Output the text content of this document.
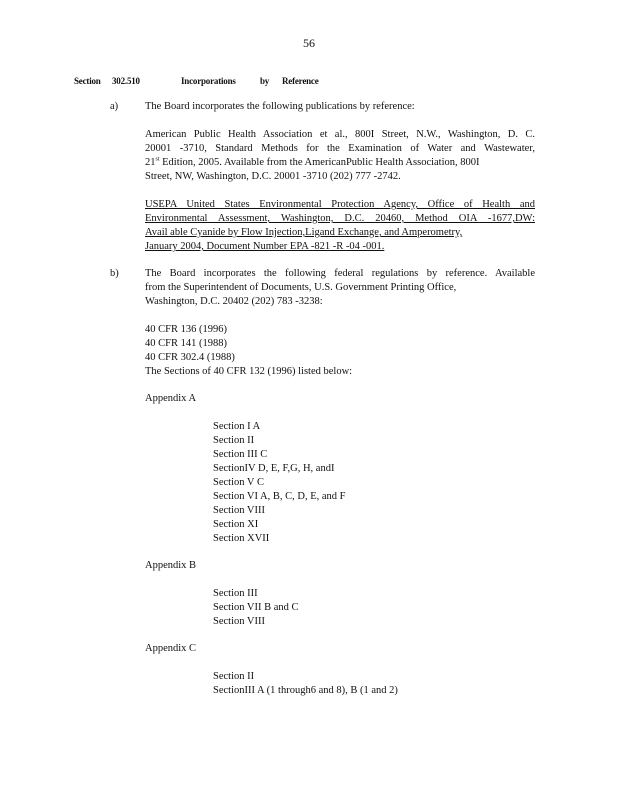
56
Section 302.510	Incorporations	by Reference
a)	The Board incorporates the following publications by reference:
American Public Health Association et al., 800I Street, N.W., Washington, D. C.
20001 -3710, Standard Methods for the Examination of Water and Wastewater,
21st Edition, 2005. Available from the AmericanPublic Health Association, 800I
Street, NW, Washington, D.C. 20001 -3710 (202) 777 -2742.
USEPA United States Environmental Protection Agency, Office of Health and
Environmental Assessment, Washington, D.C. 20460, Method OIA -1677,DW:
Avail able Cyanide by Flow Injection,Ligand Exchange, and Amperometry,
January 2004, Document Number EPA -821 -R -04 -001.
b)	The Board incorporates the following federal regulations by reference. Available
from the Superintendent of Documents, U.S. Government Printing Office,
Washington, D.C. 20402 (202) 783 -3238:
40 CFR 136 (1996)
40 CFR 141 (1988)
40 CFR 302.4 (1988)
The Sections of 40 CFR 132 (1996) listed below:
Appendix A
Section I A
Section II
Section III C
SectionIV D, E, F,G, H, andI
Section V C
Section VI A, B, C, D, E, and F
Section VIII
Section XI
Section XVII
Appendix B
Section III
Section VII B and C
Section VIII
Appendix C
Section II
SectionIII A (1 through6 and 8), B (1 and 2)
